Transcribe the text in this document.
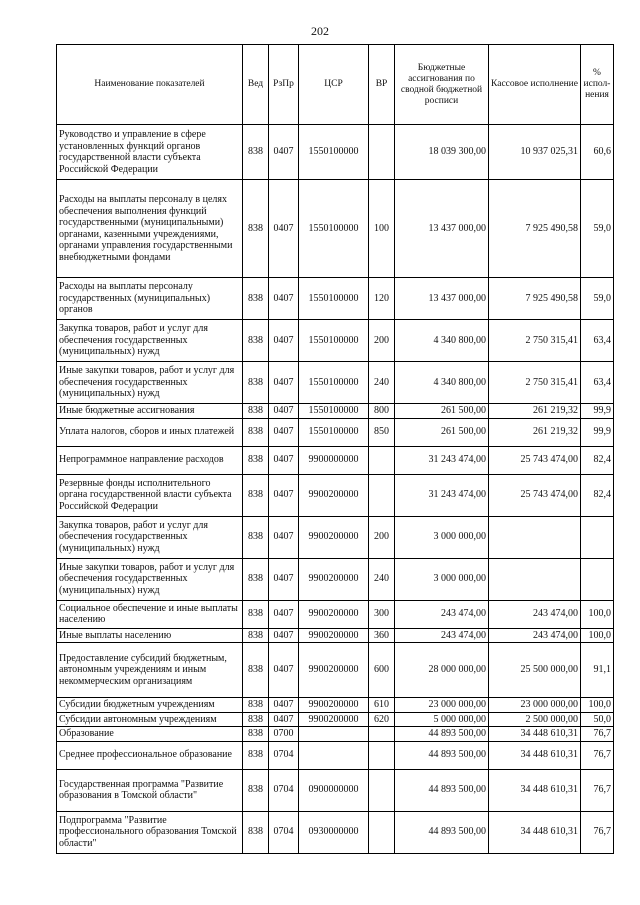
202
Наименование показателей	Вед	РзПр	ЦСР	ВР	Бюджетные ассигнования по сводной бюджетной росписи	Кассовое исполнение	% испол-нения
Руководство и управление в сфере установленных функций органов государственной власти субъекта Российской Федерации	838	0407	1550100000		18 039 300,00	10 937 025,31	60,6
Расходы на выплаты персоналу в целях обеспечения выполнения функций государственными (муниципальными) органами, казенными учреждениями, органами управления государственными внебюджетными фондами	838	0407	1550100000	100	13 437 000,00	7 925 490,58	59,0
Расходы на выплаты персоналу государственных (муниципальных) органов	838	0407	1550100000	120	13 437 000,00	7 925 490,58	59,0
Закупка товаров, работ и услуг для обеспечения государственных (муниципальных) нужд	838	0407	1550100000	200	4 340 800,00	2 750 315,41	63,4
Иные закупки товаров, работ и услуг для обеспечения государственных (муниципальных) нужд	838	0407	1550100000	240	4 340 800,00	2 750 315,41	63,4
Иные бюджетные ассигнования	838	0407	1550100000	800	261 500,00	261 219,32	99,9
Уплата налогов, сборов и иных платежей	838	0407	1550100000	850	261 500,00	261 219,32	99,9
Непрограммное направление расходов	838	0407	9900000000		31 243 474,00	25 743 474,00	82,4
Резервные фонды исполнительного органа государственной власти субъекта Российской Федерации	838	0407	9900200000		31 243 474,00	25 743 474,00	82,4
Закупка товаров, работ и услуг для обеспечения государственных (муниципальных) нужд	838	0407	9900200000	200	3 000 000,00		
Иные закупки товаров, работ и услуг для обеспечения государственных (муниципальных) нужд	838	0407	9900200000	240	3 000 000,00		
Социальное обеспечение и иные выплаты населению	838	0407	9900200000	300	243 474,00	243 474,00	100,0
Иные выплаты населению	838	0407	9900200000	360	243 474,00	243 474,00	100,0
Предоставление субсидий бюджетным, автономным учреждениям и иным некоммерческим организациям	838	0407	9900200000	600	28 000 000,00	25 500 000,00	91,1
Субсидии бюджетным учреждениям	838	0407	9900200000	610	23 000 000,00	23 000 000,00	100,0
Субсидии автономным учреждениям	838	0407	9900200000	620	5 000 000,00	2 500 000,00	50,0
Образование	838	0700			44 893 500,00	34 448 610,31	76,7
Среднее профессиональное образование	838	0704			44 893 500,00	34 448 610,31	76,7
Государственная программа "Развитие образования в Томской области"	838	0704	0900000000		44 893 500,00	34 448 610,31	76,7
Подпрограмма "Развитие профессионального образования Томской области"	838	0704	0930000000		44 893 500,00	34 448 610,31	76,7
